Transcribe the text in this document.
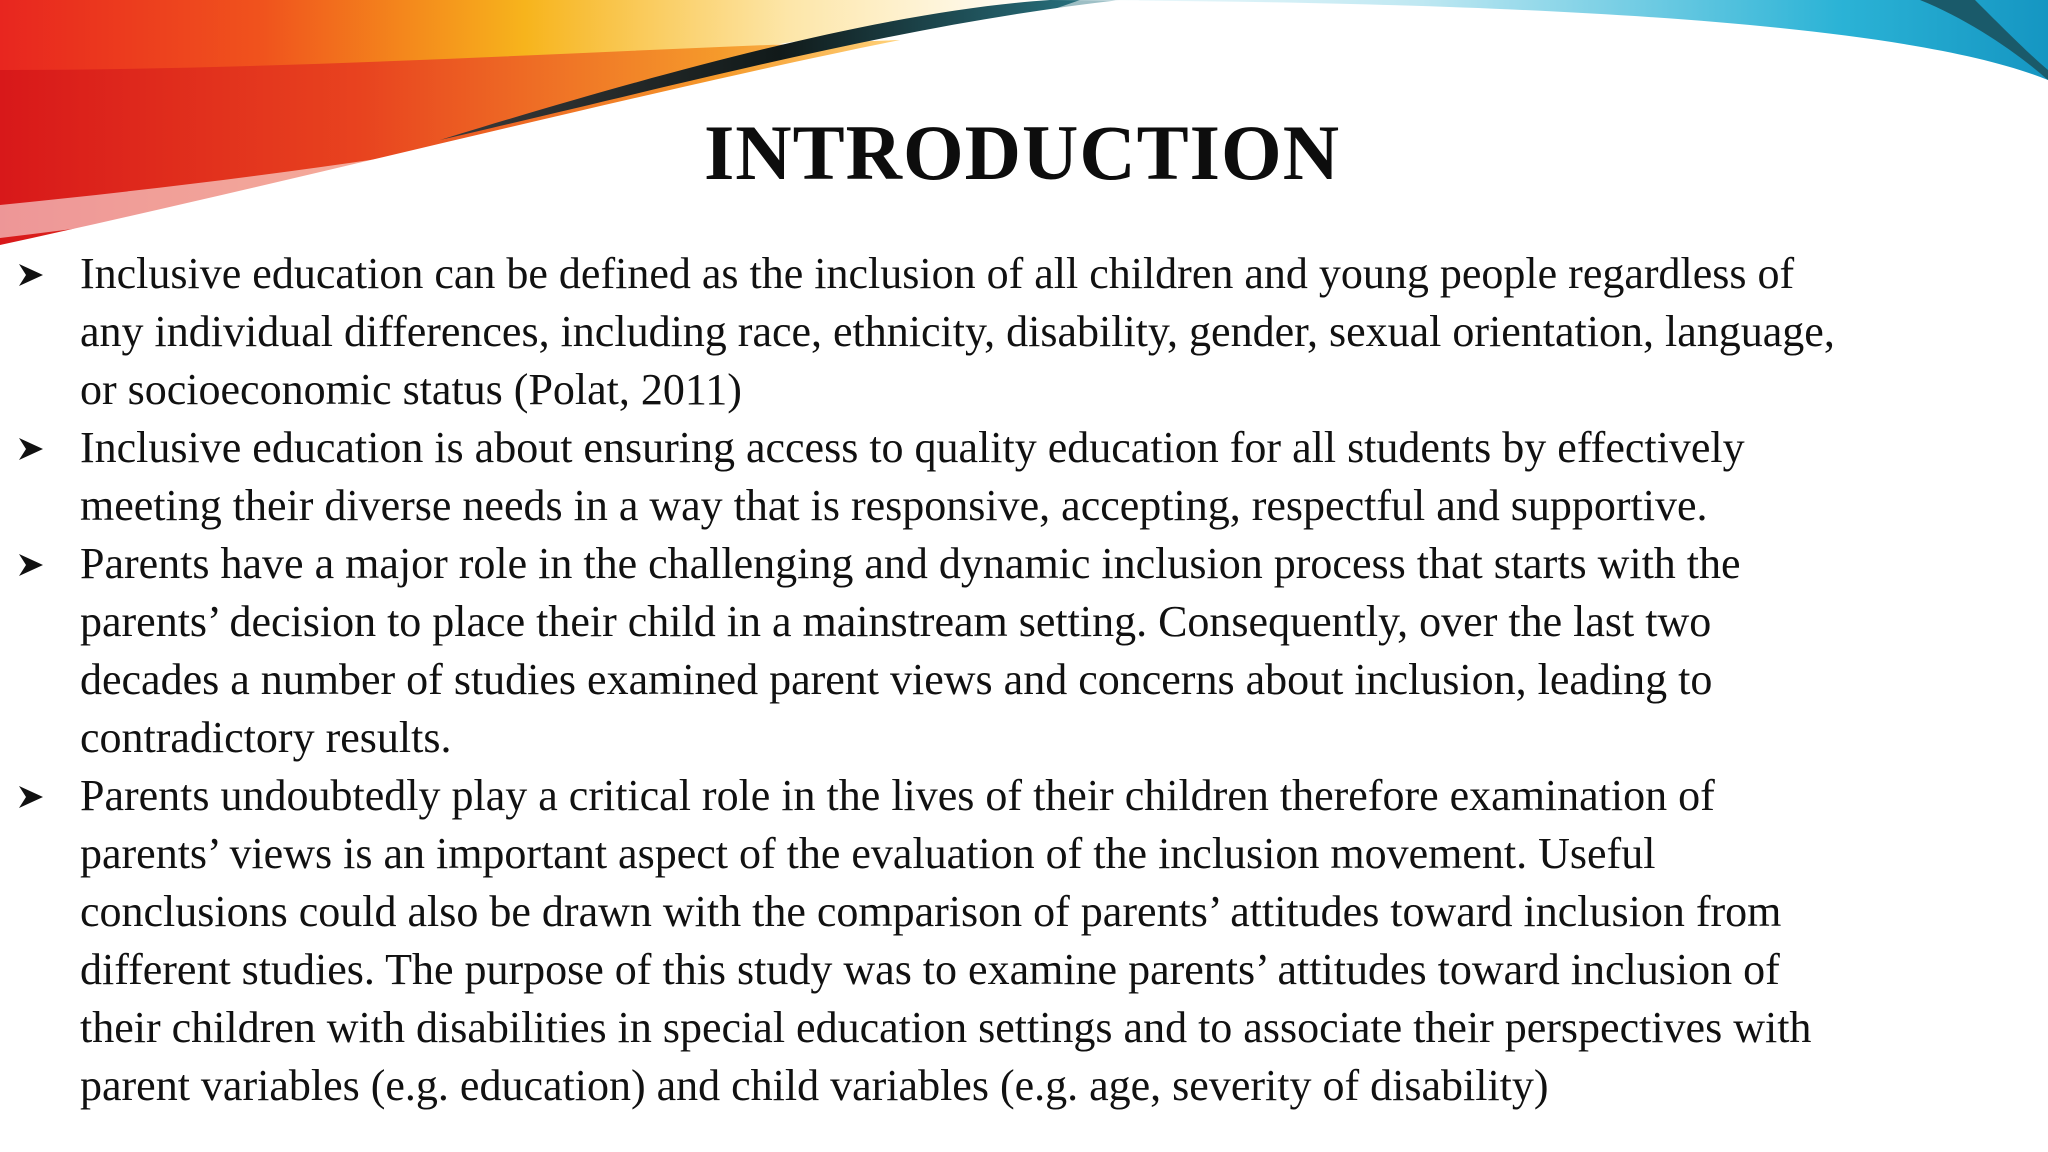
INTRODUCTION
Inclusive education can be defined as the inclusion of all children and young people regardless of
any individual differences, including race, ethnicity, disability, gender, sexual orientation, language,
or socioeconomic status (Polat, 2011)
Inclusive education is about ensuring access to quality education for all students by effectively
meeting their diverse needs in a way that is responsive, accepting, respectful and supportive.
Parents have a major role in the challenging and dynamic inclusion process that starts with the
parents’ decision to place their child in a mainstream setting. Consequently, over the last two
decades a number of studies examined parent views and concerns about inclusion, leading to
contradictory results.
Parents undoubtedly play a critical role in the lives of their children therefore examination of
parents’ views is an important aspect of the evaluation of the inclusion movement. Useful
conclusions could also be drawn with the comparison of parents’ attitudes toward inclusion from
different studies. The purpose of this study was to examine parents’ attitudes toward inclusion of
their children with disabilities in special education settings and to associate their perspectives with
parent variables (e.g. education) and child variables (e.g. age, severity of disability)
